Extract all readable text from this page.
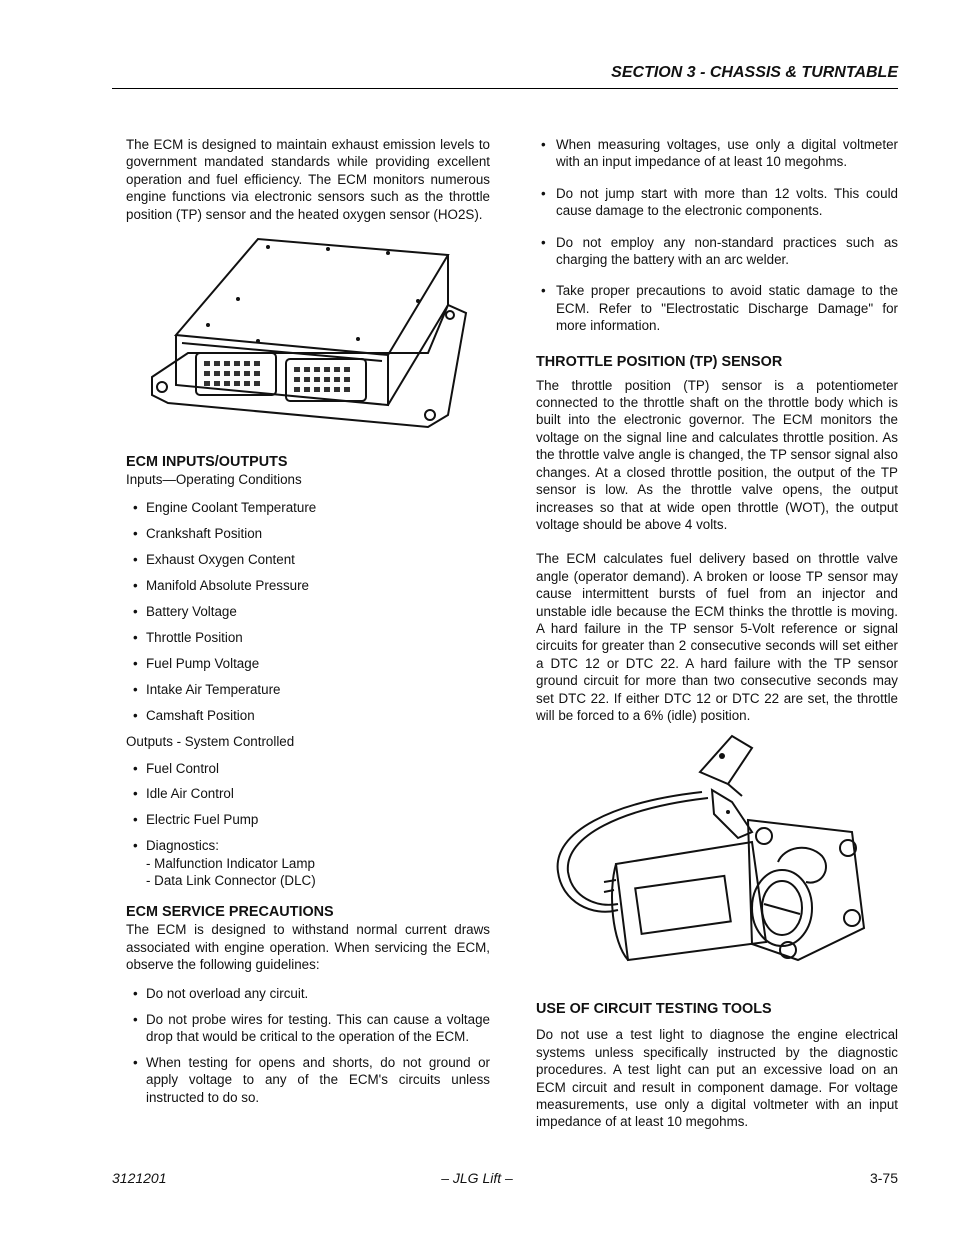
SECTION 3 - CHASSIS & TURNTABLE

The ECM is designed to maintain exhaust emission levels to government mandated standards while providing excellent operation and fuel efficiency. The ECM monitors numerous engine functions via electronic sensors such as the throttle position (TP) sensor and the heated oxygen sensor (HO2S).

ECM INPUTS/OUTPUTS

Inputs—Operating Conditions

• Engine Coolant Temperature
• Crankshaft Position
• Exhaust Oxygen Content
• Manifold Absolute Pressure
• Battery Voltage
• Throttle Position
• Fuel Pump Voltage
• Intake Air Temperature
• Camshaft Position

Outputs - System Controlled

• Fuel Control
• Idle Air Control
• Electric Fuel Pump
• Diagnostics:
- Malfunction Indicator Lamp
- Data Link Connector (DLC)
ECM SERVICE PRECAUTIONS

The ECM is designed to withstand normal current draws associated with engine operation. When servicing the ECM, observe the following guidelines:

• Do not overload any circuit.
• Do not probe wires for testing. This can cause a voltage drop that would be critical to the operation of the ECM.
• When testing for opens and shorts, do not ground or apply voltage to any of the ECM's circuits unless instructed to do so.
• When measuring voltages, use only a digital voltmeter with an input impedance of at least 10 megohms.
• Do not jump start with more than 12 volts. This could cause damage to the electronic components.
• Do not employ any non-standard practices such as charging the battery with an arc welder.
• Take proper precautions to avoid static damage to the ECM. Refer to "Electrostatic Discharge Damage" for more information.
THROTTLE POSITION (TP) SENSOR

The throttle position (TP) sensor is a potentiometer connected to the throttle shaft on the throttle body which is built into the electronic governor. The ECM monitors the voltage on the signal line and calculates throttle position. As the throttle valve angle is changed, the TP sensor signal also changes. At a closed throttle position, the output of the TP sensor is low. As the throttle valve opens, the output increases so that at wide open throttle (WOT), the output voltage should be above 4 volts.

The ECM calculates fuel delivery based on throttle valve angle (operator demand). A broken or loose TP sensor may cause intermittent bursts of fuel from an injector and unstable idle because the ECM thinks the throttle is moving. A hard failure in the TP sensor 5-Volt reference or signal circuits for greater than 2 consecutive seconds will set either a DTC 12 or DTC 22. A hard failure with the TP sensor ground circuit for more than two consecutive seconds may set DTC 22. If either DTC 12 or DTC 22 are set, the throttle will be forced to a 6% (idle) position.

USE OF CIRCUIT TESTING TOOLS

Do not use a test light to diagnose the engine electrical systems unless specifically instructed by the diagnostic procedures. A test light can put an excessive load on an ECM circuit and result in component damage. For voltage measurements, use only a digital voltmeter with an input impedance of at least 10 megohms.

3121201	– JLG Lift –	3-75
